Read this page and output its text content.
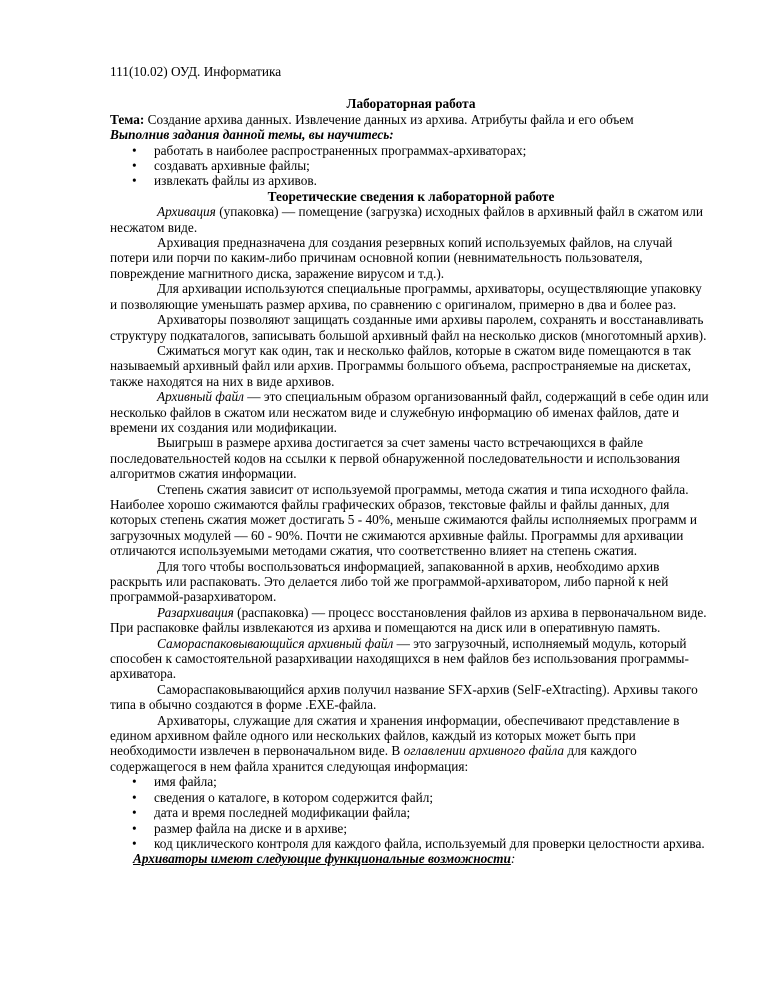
111(10.02) ОУД. Информатика

Лабораторная работа

Тема: Создание архива данных. Извлечение данных из архива. Атрибуты файла и его объем

Выполнив задания данной темы, вы научитесь:

• работать в наиболее распространенных программах-архиваторах;
• создавать архивные файлы;
• извлекать файлы из архивов.

Теоретические сведения к лабораторной работе

Архивация (упаковка) — помещение (загрузка) исходных файлов в архивный файл в сжатом или несжатом виде.

Архивация предназначена для создания резервных копий используемых файлов, на случай потери или порчи по каким-либо причинам основной копии (невнимательность пользователя, повреждение магнитного диска, заражение вирусом и т.д.).

Для архивации используются специальные программы, архиваторы, осуществляющие упаковку и позволяющие уменьшать размер архива, по сравнению с оригиналом, примерно в два и более раз.

Архиваторы позволяют защищать созданные ими архивы паролем, сохранять и восстанавливать структуру подкаталогов, записывать большой архивный файл на несколько дисков (многотомный архив).

Сжиматься могут как один, так и несколько файлов, которые в сжатом виде помещаются в так называемый архивный файл или архив. Программы большого объема, распространяемые на дискетах, также находятся на них в виде архивов.

Архивный файл — это специальным образом организованный файл, содержащий в себе один или несколько файлов в сжатом или несжатом виде и служебную информацию об именах файлов, дате и времени их создания или модификации.

Выигрыш в размере архива достигается за счет замены часто встречающихся в файле последовательностей кодов на ссылки к первой обнаруженной последовательности и использования алгоритмов сжатия информации.

Степень сжатия зависит от используемой программы, метода сжатия и типа исходного файла. Наиболее хорошо сжимаются файлы графических образов, текстовые файлы и файлы данных, для которых степень сжатия может достигать 5 - 40%, меньше сжимаются файлы исполняемых программ и загрузочных модулей — 60 - 90%. Почти не сжимаются архивные файлы. Программы для архивации отличаются используемыми методами сжатия, что соответственно влияет на степень сжатия.

Для того чтобы воспользоваться информацией, запакованной в архив, необходимо архив раскрыть или распаковать. Это делается либо той же программой-архиватором, либо парной к ней программой-разархиватором.

Разархивация (распаковка) — процесс восстановления файлов из архива в первоначальном виде. При распаковке файлы извлекаются из архива и помещаются на диск или в оперативную память.

Самораспаковывающийся архивный файл — это загрузочный, исполняемый модуль, который способен к самостоятельной разархивации находящихся в нем файлов без использования программы-архиватора.

Самораспаковывающийся архив получил название SFX-архив (SelF-eXtracting). Архивы такого типа в обычно создаются в форме .EXE-файла.

Архиваторы, служащие для сжатия и хранения информации, обеспечивают представление в едином архивном файле одного или нескольких файлов, каждый из которых может быть при необходимости извлечен в первоначальном виде. В оглавлении архивного файла для каждого содержащегося в нем файла хранится следующая информация:

• имя файла;
• сведения о каталоге, в котором содержится файл;
• дата и время последней модификации файла;
• размер файла на диске и в архиве;
• код циклического контроля для каждого файла, используемый для проверки целостности архива.

Архиваторы имеют следующие функциональные возможности:
